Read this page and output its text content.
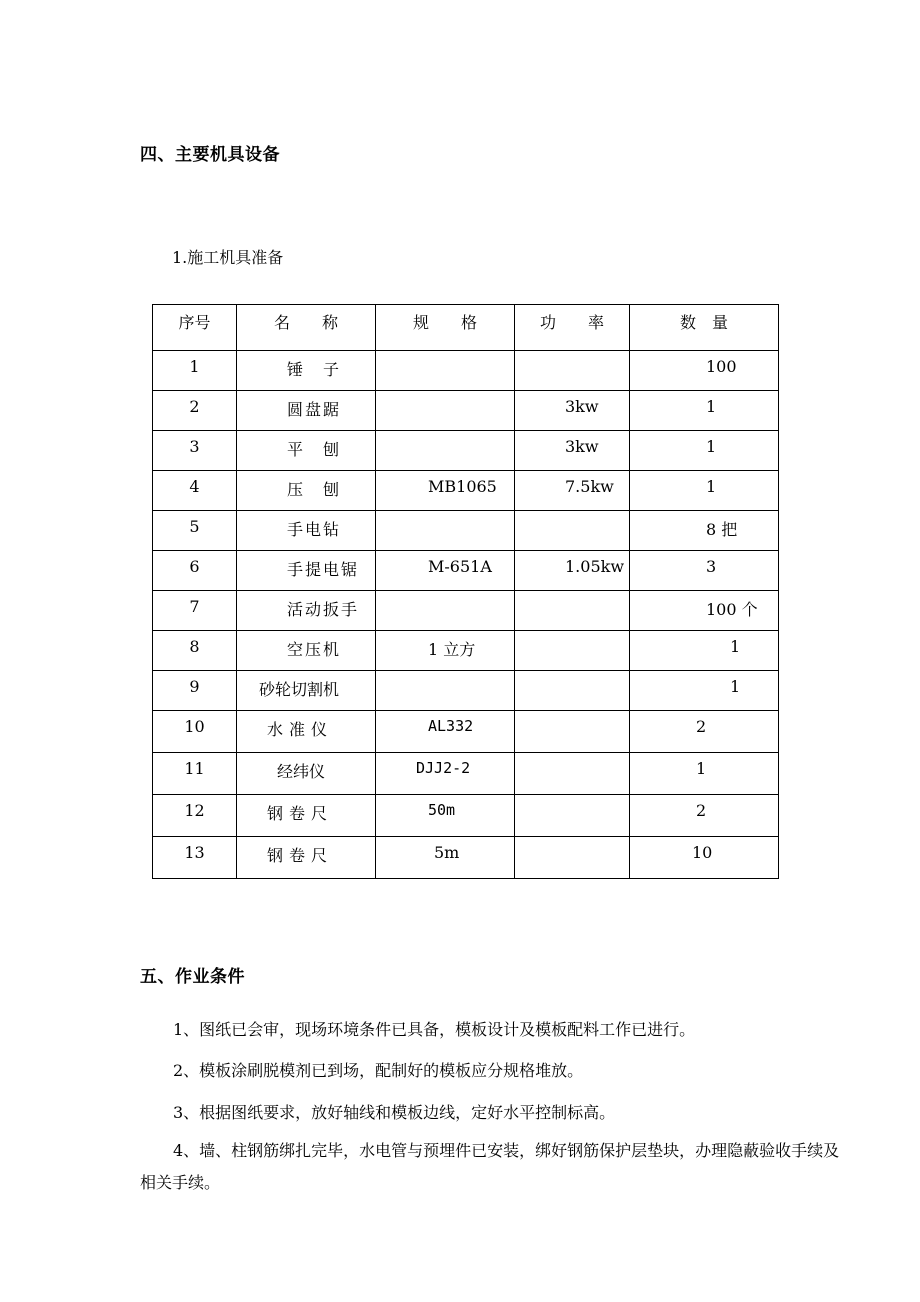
四、主要机具设备
1.施工机具准备
序号	名　　称	规　　格	功　　率	数　量
1	锤　子			100
2	圆盘踞		3kw	1
3	平　刨		3kw	1
4	压　刨	MB1065	7.5kw	1
5	手电钻			8 把
6	手提电锯	M-651A	1.05kw	3
7	活动扳手			100 个
8	空压机	1 立方		1
9	砂轮切割机			1
10	水准仪	AL332		2
11	经纬仪	DJJ2-2		1
12	钢卷尺	50m		2
13	钢卷尺	5m		10
五、作业条件
1、图纸已会审，现场环境条件已具备，模板设计及模板配料工作已进行。
2、模板涂刷脱模剂已到场，配制好的模板应分规格堆放。
3、根据图纸要求，放好轴线和模板边线，定好水平控制标高。
4、墙、柱钢筋绑扎完毕，水电管与预埋件已安装，绑好钢筋保护层垫块，办理隐蔽验收手续及相关手续。
